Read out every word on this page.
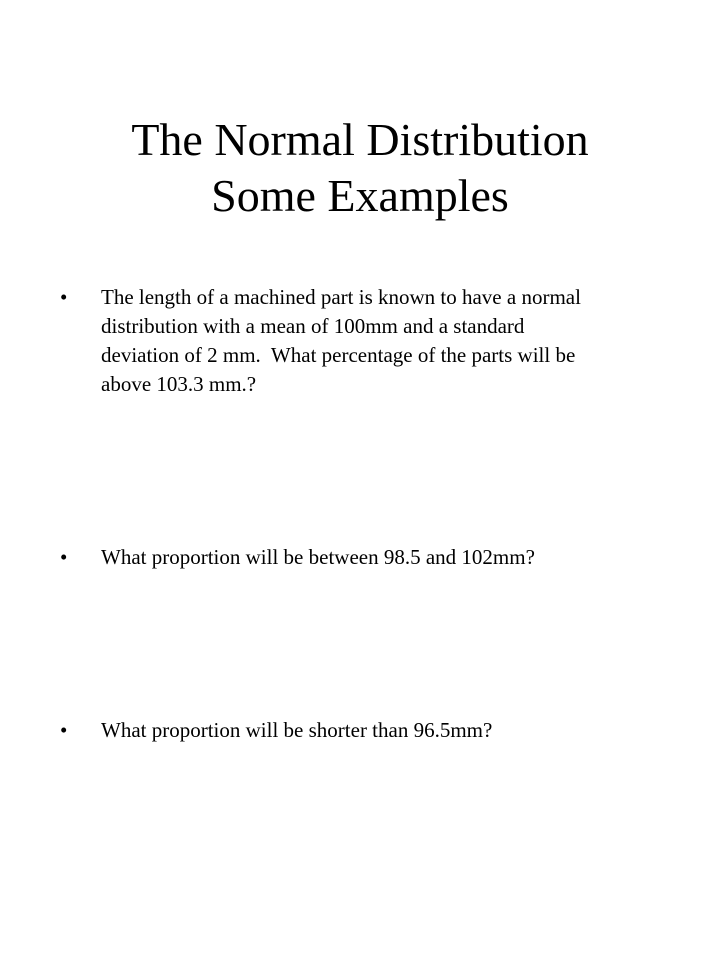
The Normal Distribution
Some Examples
• The length of a machined part is known to have a normal
distribution with a mean of 100mm and a standard
deviation of 2 mm.  What percentage of the parts will be
above 103.3 mm.?
• What proportion will be between 98.5 and 102mm?
• What proportion will be shorter than 96.5mm?
